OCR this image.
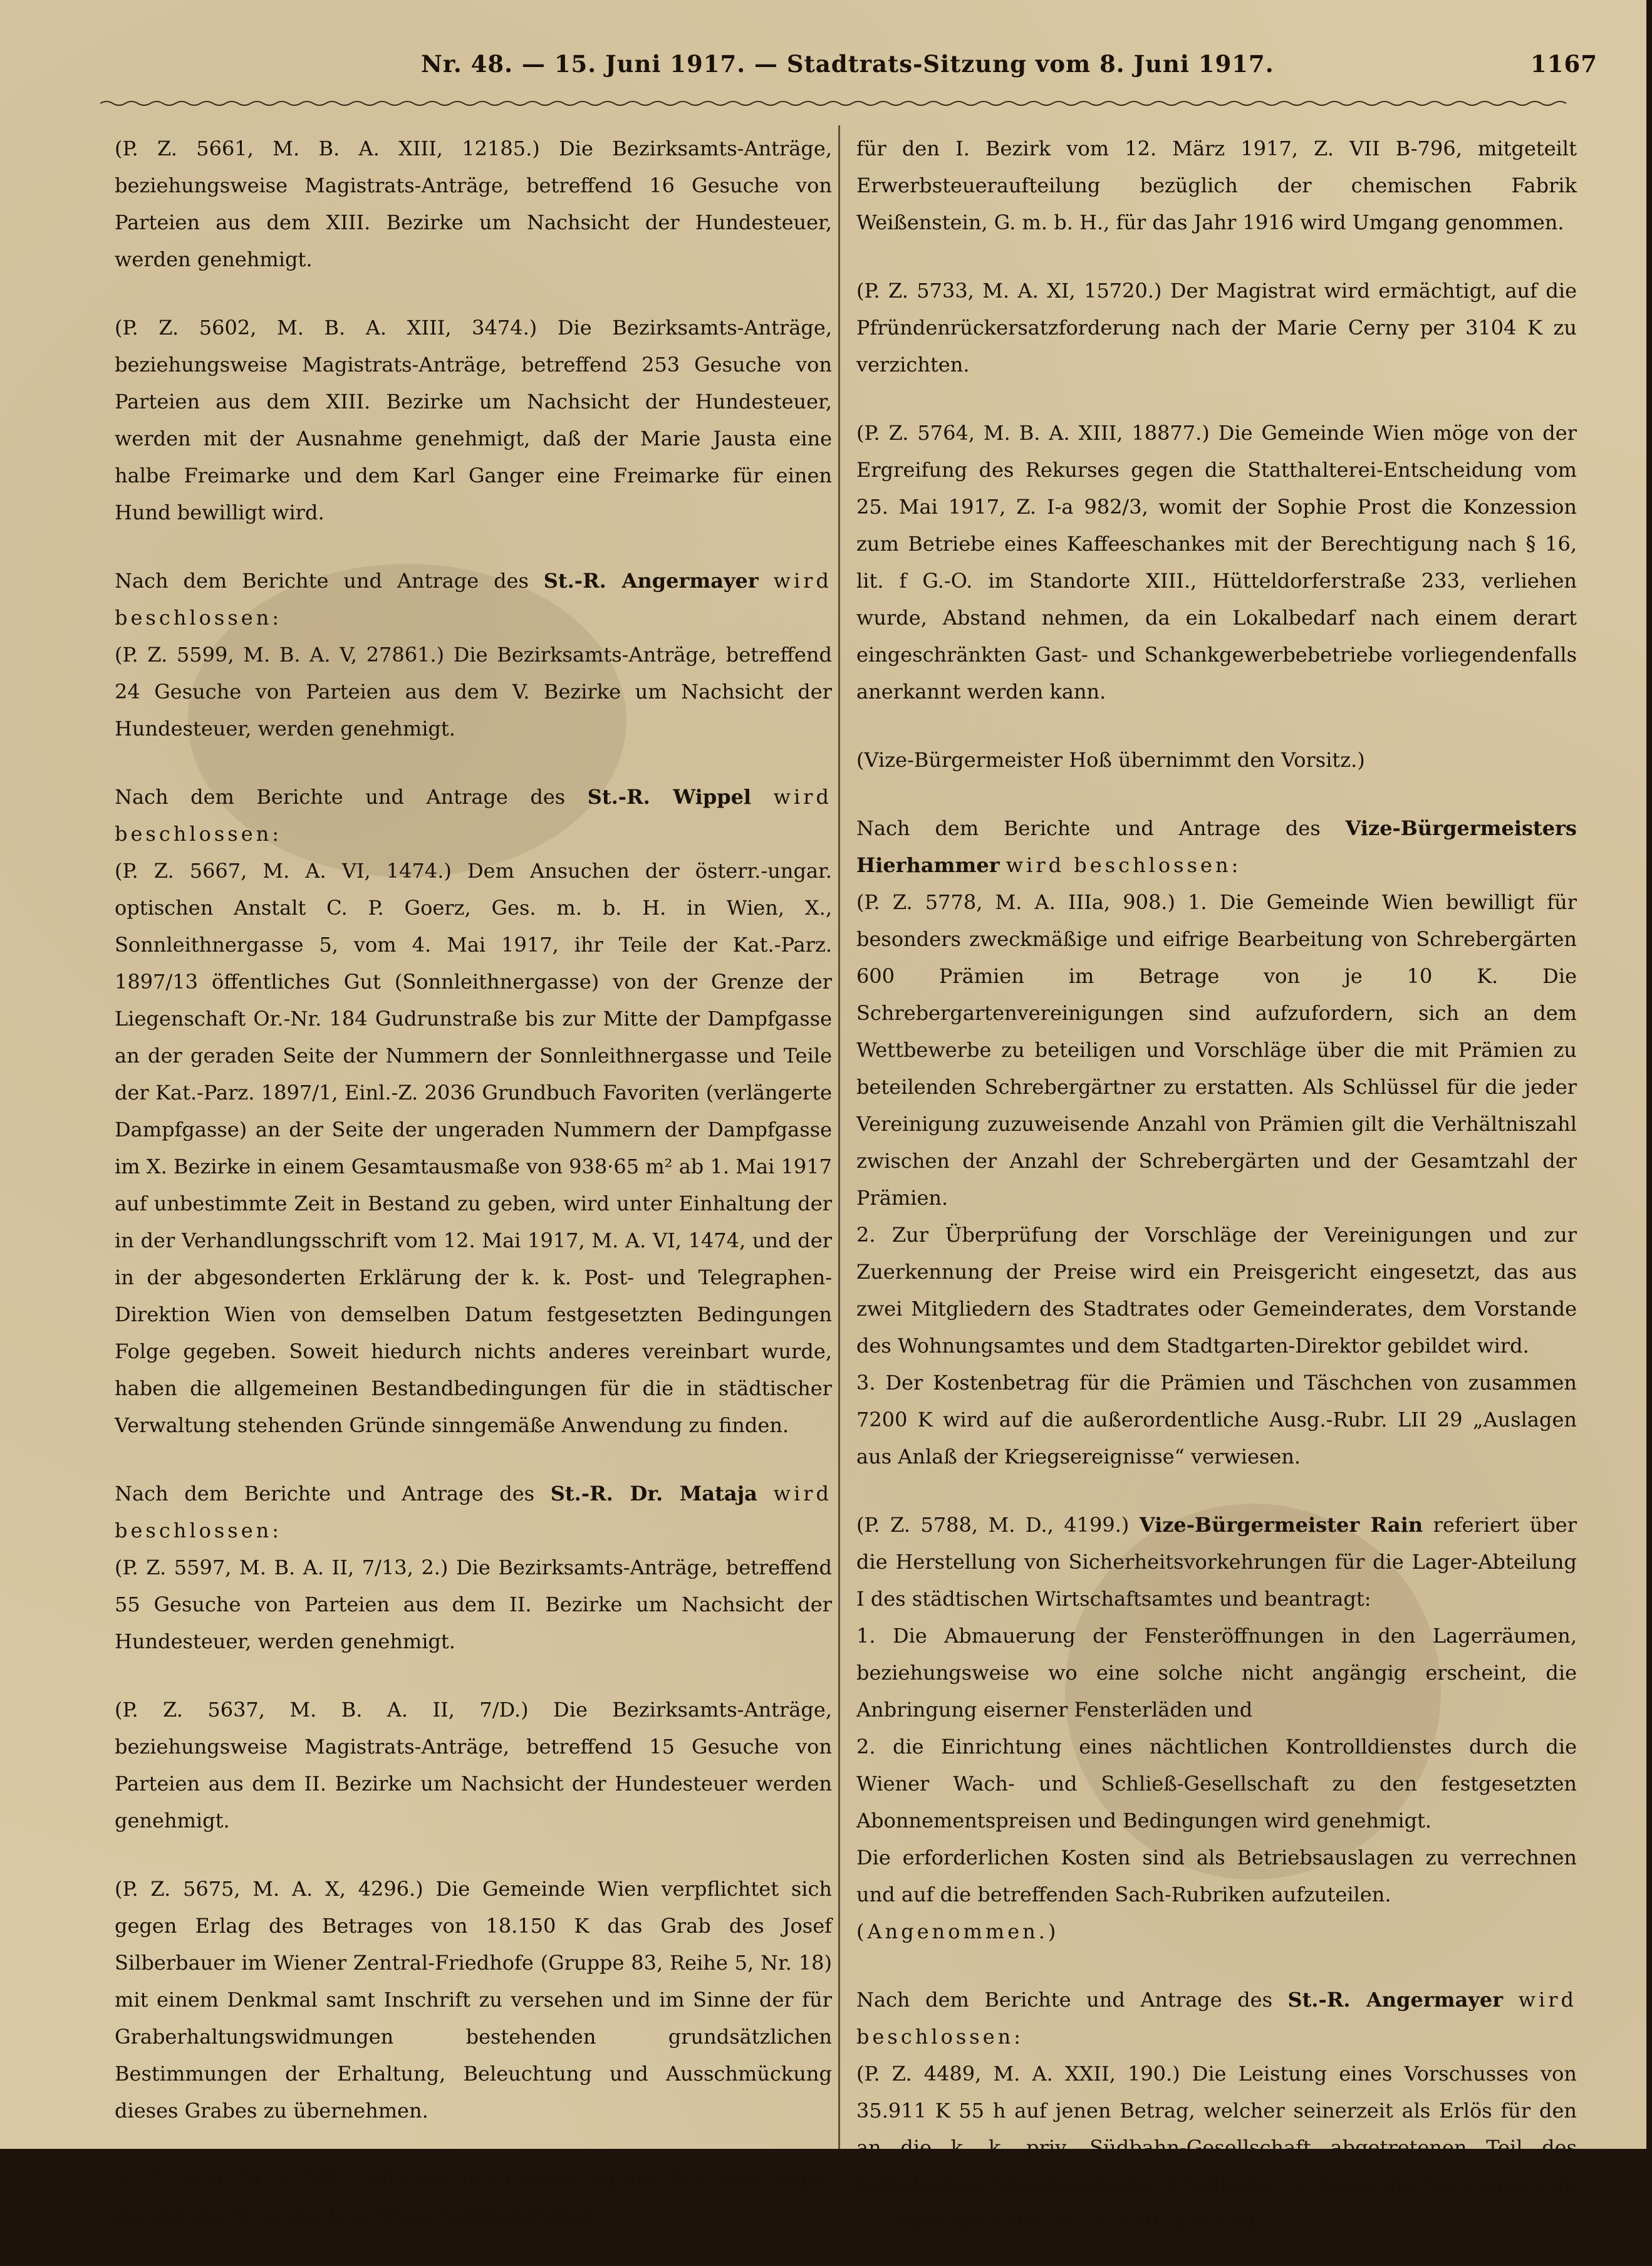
Nr. 48. — 15. Juni 1917. — Stadtrats-Sitzung vom 8. Juni 1917.	1167

(P. Z. 5661, M. B. A. XIII, 12185.) Die Bezirksamts-Anträge, beziehungsweise Magistrats-Anträge, betreffend 16 Gesuche von Parteien aus dem XIII. Bezirke um Nachsicht der Hundesteuer, werden genehmigt.

(P. Z. 5602, M. B. A. XIII, 3474.) Die Bezirksamts-Anträge, beziehungsweise Magistrats-Anträge, betreffend 253 Gesuche von Parteien aus dem XIII. Bezirke um Nachsicht der Hundesteuer, werden mit der Ausnahme genehmigt, daß der Marie Jausta eine halbe Freimarke und dem Karl Ganger eine Freimarke für einen Hund bewilligt wird.

Nach dem Berichte und Antrage des St.-R. Angermayer wird beschlossen:

(P. Z. 5599, M. B. A. V, 27861.) Die Bezirksamts-Anträge, betreffend 24 Gesuche von Parteien aus dem V. Bezirke um Nachsicht der Hundesteuer, werden genehmigt.

Nach dem Berichte und Antrage des St.-R. Wippel wird beschlossen:

(P. Z. 5667, M. A. VI, 1474.) Dem Ansuchen der österr.-ungar. optischen Anstalt C. P. Goerz, Ges. m. b. H. in Wien, X., Sonnleithnergasse 5, vom 4. Mai 1917, ihr Teile der Kat.-Parz. 1897/13 öffentliches Gut (Sonnleithnergasse) von der Grenze der Liegenschaft Or.-Nr. 184 Gudrunstraße bis zur Mitte der Dampfgasse an der geraden Seite der Nummern der Sonnleithnergasse und Teile der Kat.-Parz. 1897/1, Einl.-Z. 2036 Grundbuch Favoriten (verlängerte Dampfgasse) an der Seite der ungeraden Nummern der Dampfgasse im X. Bezirke in einem Gesamtausmaße von 938·65 m² ab 1. Mai 1917 auf unbestimmte Zeit in Bestand zu geben, wird unter Einhaltung der in der Verhandlungsschrift vom 12. Mai 1917, M. A. VI, 1474, und der in der abgesonderten Erklärung der k. k. Post- und Telegraphen-Direktion Wien von demselben Datum festgesetzten Bedingungen Folge gegeben. Soweit hiedurch nichts anderes vereinbart wurde, haben die allgemeinen Bestandbedingungen für die in städtischer Verwaltung stehenden Gründe sinngemäße Anwendung zu finden.

Nach dem Berichte und Antrage des St.-R. Dr. Mataja wird beschlossen:

(P. Z. 5597, M. B. A. II, 7/13, 2.) Die Bezirksamts-Anträge, betreffend 55 Gesuche von Parteien aus dem II. Bezirke um Nachsicht der Hundesteuer, werden genehmigt.

(P. Z. 5637, M. B. A. II, 7/D.) Die Bezirksamts-Anträge, beziehungsweise Magistrats-Anträge, betreffend 15 Gesuche von Parteien aus dem II. Bezirke um Nachsicht der Hundesteuer werden genehmigt.

(P. Z. 5675, M. A. X, 4296.) Die Gemeinde Wien verpflichtet sich gegen Erlag des Betrages von 18.150 K das Grab des Josef Silberbauer im Wiener Zentral-Friedhofe (Gruppe 83, Reihe 5, Nr. 18) mit einem Denkmal samt Inschrift zu versehen und im Sinne der für Graberhaltungswidmungen bestehenden grundsätzlichen Bestimmungen der Erhaltung, Beleuchtung und Ausschmückung dieses Grabes zu übernehmen.

(P. Z. 5691, M. A. XIX, 700.) Von der Ergreifung des Rekurses gegen die mit der Note der k. k. Steueradministration

für den I. Bezirk vom 12. März 1917, Z. VII B-796, mitgeteilt Erwerbsteueraufteilung bezüglich der chemischen Fabrik Weißenstein, G. m. b. H., für das Jahr 1916 wird Umgang genommen.

(P. Z. 5733, M. A. XI, 15720.) Der Magistrat wird ermächtigt, auf die Pfründenrückersatzforderung nach der Marie Cerny per 3104 K zu verzichten.

(P. Z. 5764, M. B. A. XIII, 18877.) Die Gemeinde Wien möge von der Ergreifung des Rekurses gegen die Statthalterei-Entscheidung vom 25. Mai 1917, Z. I-a 982/3, womit der Sophie Prost die Konzession zum Betriebe eines Kaffeeschankes mit der Berechtigung nach § 16, lit. f G.-O. im Standorte XIII., Hütteldorferstraße 233, verliehen wurde, Abstand nehmen, da ein Lokalbedarf nach einem derart eingeschränkten Gast- und Schankgewerbebetriebe vorliegendenfalls anerkannt werden kann.

(Vize-Bürgermeister Hoß übernimmt den Vorsitz.)

Nach dem Berichte und Antrage des Vize-Bürgermeisters Hierhammer wird beschlossen:

(P. Z. 5778, M. A. IIIa, 908.) 1. Die Gemeinde Wien bewilligt für besonders zweckmäßige und eifrige Bearbeitung von Schrebergärten 600 Prämien im Betrage von je 10 K. Die Schrebergartenvereinigungen sind aufzufordern, sich an dem Wettbewerbe zu beteiligen und Vorschläge über die mit Prämien zu beteilenden Schrebergärtner zu erstatten. Als Schlüssel für die jeder Vereinigung zuzuweisende Anzahl von Prämien gilt die Verhältniszahl zwischen der Anzahl der Schrebergärten und der Gesamtzahl der Prämien.

2. Zur Überprüfung der Vorschläge der Vereinigungen und zur Zuerkennung der Preise wird ein Preisgericht eingesetzt, das aus zwei Mitgliedern des Stadtrates oder Gemeinderates, dem Vorstande des Wohnungsamtes und dem Stadtgarten-Direktor gebildet wird.

3. Der Kostenbetrag für die Prämien und Täschchen von zusammen 7200 K wird auf die außerordentliche Ausg.-Rubr. LII 29 „Auslagen aus Anlaß der Kriegsereignisse“ verwiesen.

(P. Z. 5788, M. D., 4199.) Vize-Bürgermeister Rain referiert über die Herstellung von Sicherheitsvorkehrungen für die Lager-Abteilung I des städtischen Wirtschaftsamtes und beantragt:

1. Die Abmauerung der Fensteröffnungen in den Lagerräumen, beziehungsweise wo eine solche nicht angängig erscheint, die Anbringung eiserner Fensterläden und

2. die Einrichtung eines nächtlichen Kontrolldienstes durch die Wiener Wach- und Schließ-Gesellschaft zu den festgesetzten Abonnementspreisen und Bedingungen wird genehmigt.

Die erforderlichen Kosten sind als Betriebsauslagen zu verrechnen und auf die betreffenden Sach-Rubriken aufzuteilen.

(Angenommen.)

Nach dem Berichte und Antrage des St.-R. Angermayer wird beschlossen:

(P. Z. 4489, M. A. XXII, 190.) Die Leistung eines Vorschusses von 35.911 K 55 h auf jenen Betrag, welcher seinerzeit als Erlös für den an die k. k. priv. Südbahn-Gesellschaft abgetretenen Teil des katholischen Matzleinsdorfer Friedhofes im Sinne des Vertrages vom 5. Dezember 1905, M. A. XXII, 2412/04,
